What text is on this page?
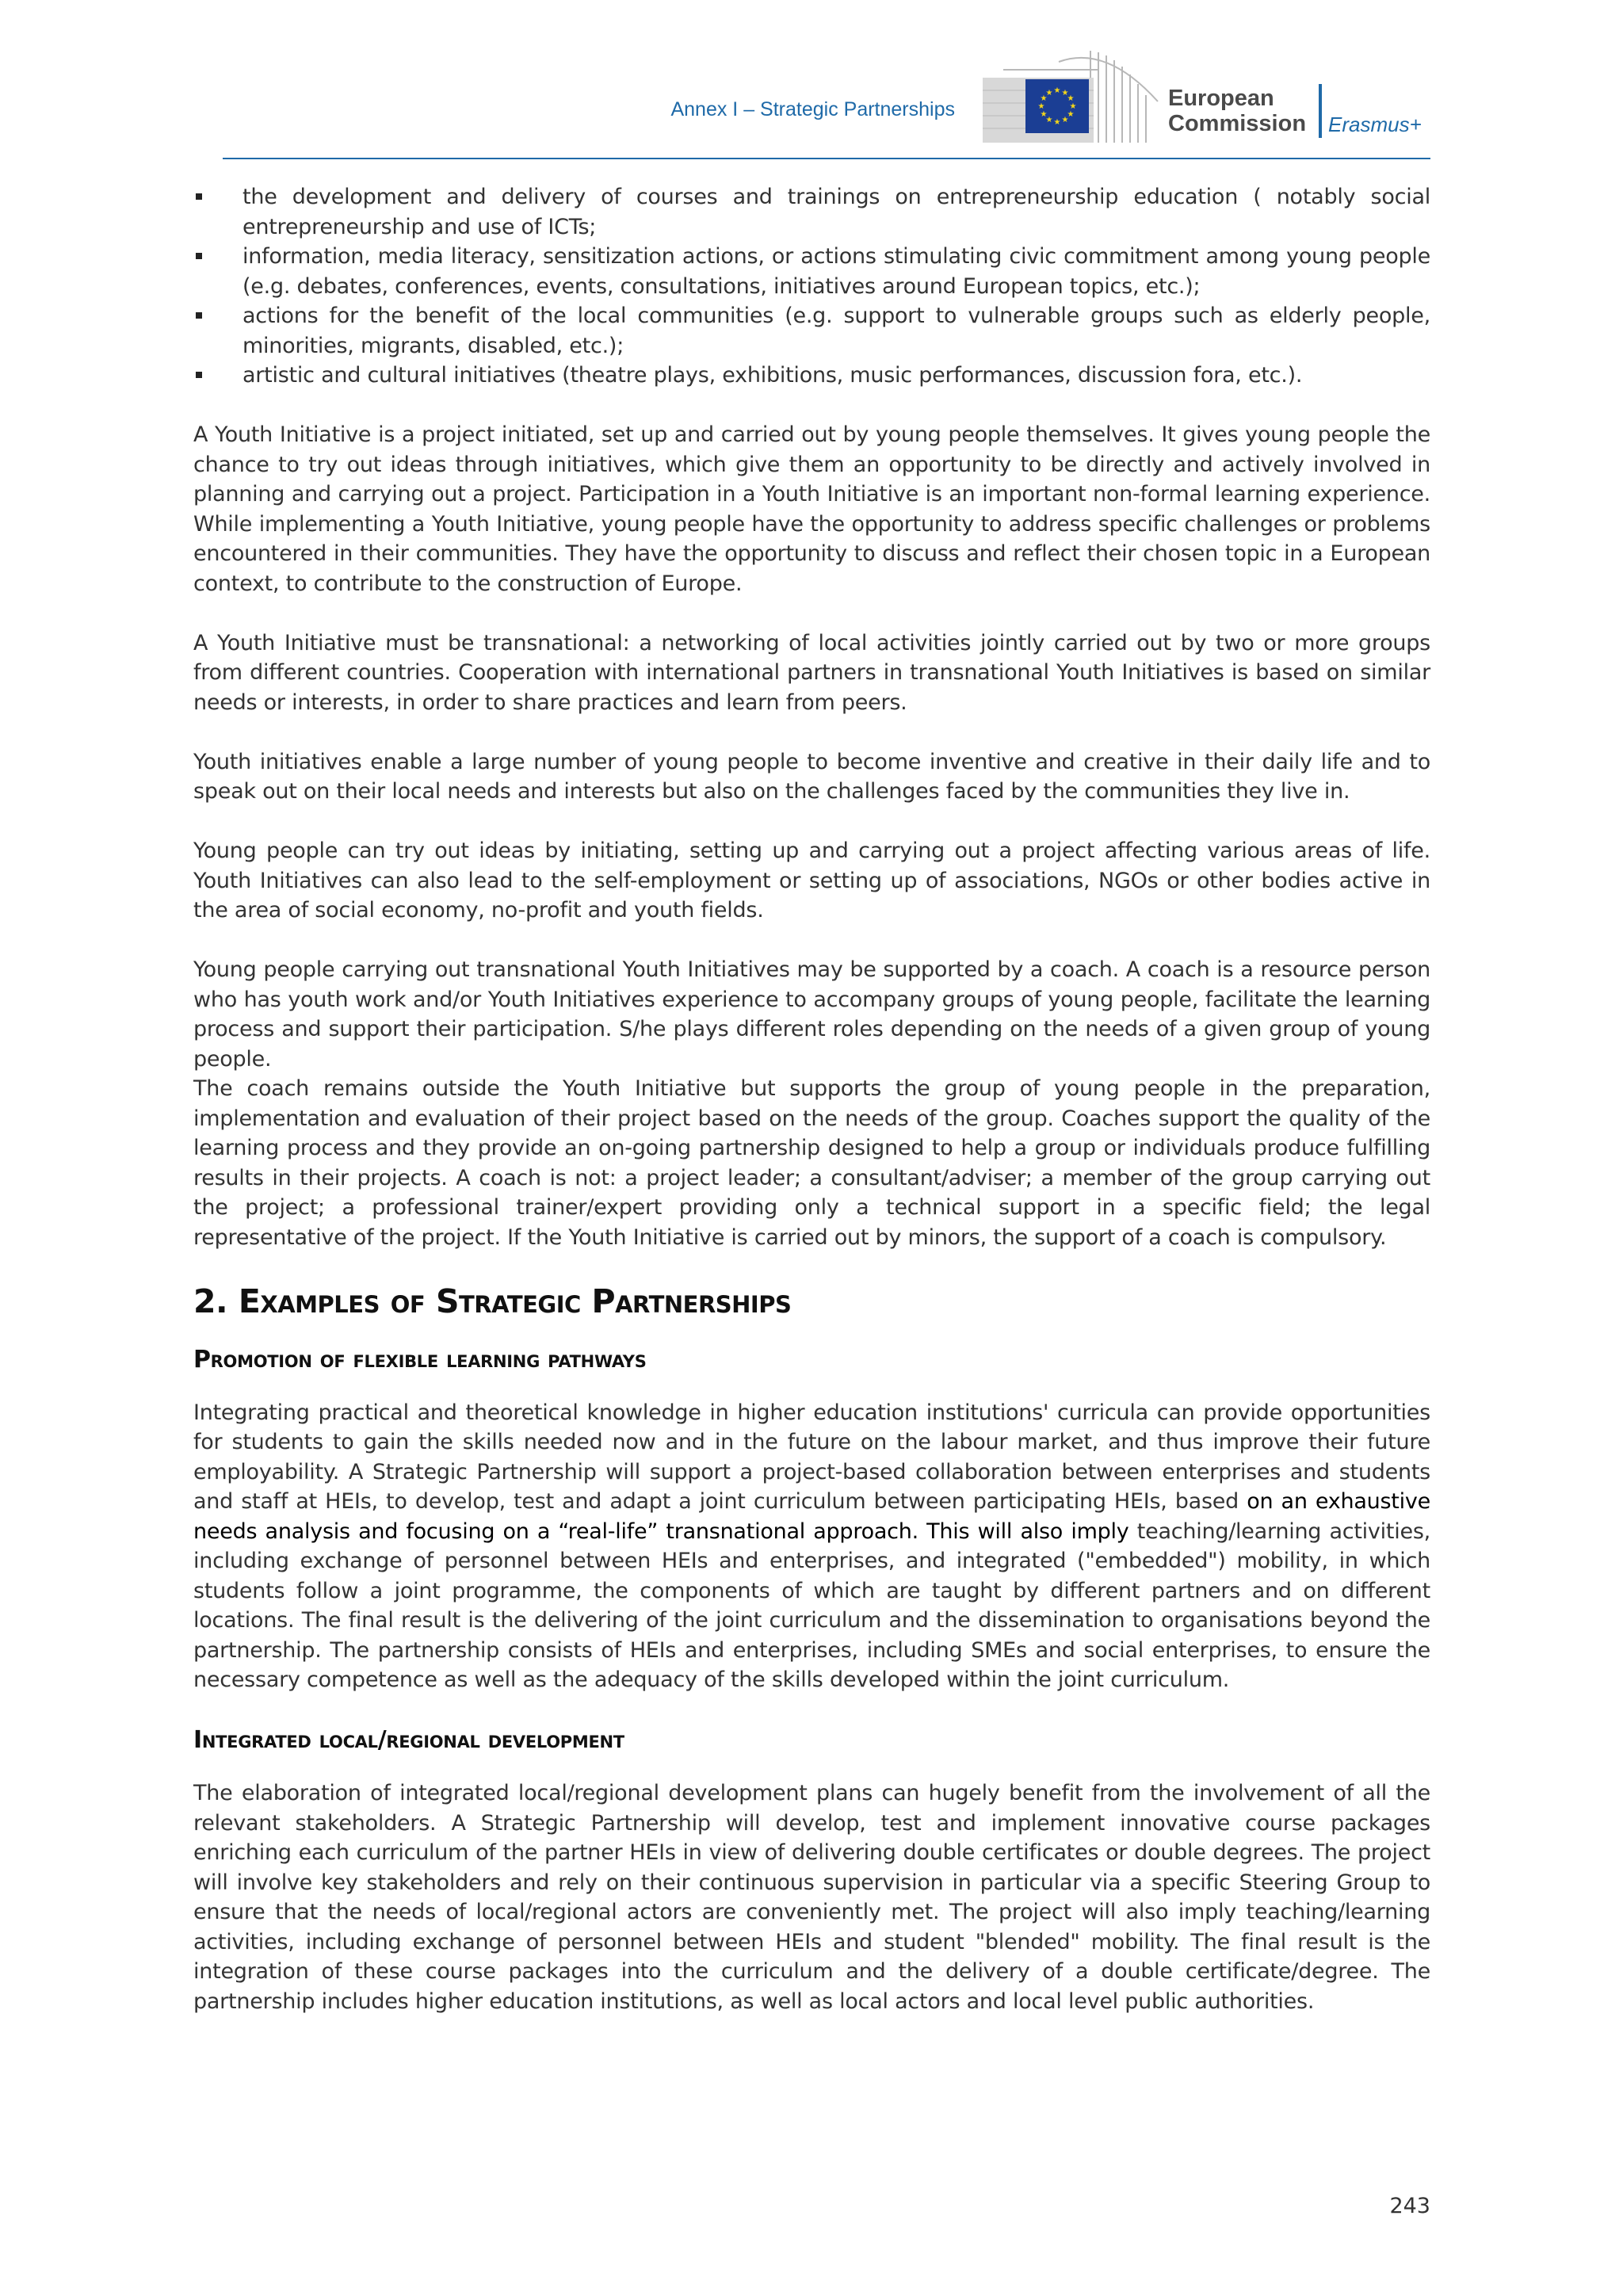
Annex I – Strategic Partnerships
★ ★
★
★
★
★
★
★
★
★
★
★	European
Commission Erasmus+
the development and delivery of courses and trainings on entrepreneurship education ( notably social entrepreneurship and use of ICTs;
information, media literacy, sensitization actions, or actions stimulating civic commitment among young people (e.g. debates, conferences, events, consultations, initiatives around European topics, etc.);
actions for the benefit of the local communities (e.g. support to vulnerable groups such as elderly people, minorities, migrants, disabled, etc.);
artistic and cultural initiatives (theatre plays, exhibitions, music performances, discussion fora, etc.).

A Youth Initiative is a project initiated, set up and carried out by young people themselves. It gives young people the chance to try out ideas through initiatives, which give them an opportunity to be directly and actively involved in planning and carrying out a project. Participation in a Youth Initiative is an important non-formal learning experience. While implementing a Youth Initiative, young people have the opportunity to address specific challenges or problems encountered in their communities. They have the opportunity to discuss and reflect their chosen topic in a European context, to contribute to the construction of Europe.

A Youth Initiative must be transnational: a networking of local activities jointly carried out by two or more groups from different countries. Cooperation with international partners in transnational Youth Initiatives is based on similar needs or interests, in order to share practices and learn from peers.

Youth initiatives enable a large number of young people to become inventive and creative in their daily life and to speak out on their local needs and interests but also on the challenges faced by the communities they live in.

Young people can try out ideas by initiating, setting up and carrying out a project affecting various areas of life. Youth Initiatives can also lead to the self-employment or setting up of associations, NGOs or other bodies active in the area of social economy, no-profit and youth fields.

Young people carrying out transnational Youth Initiatives may be supported by a coach. A coach is a resource person who has youth work and/or Youth Initiatives experience to accompany groups of young people, facilitate the learning process and support their participation. S/he plays different roles depending on the needs of a given group of young people.

The coach remains outside the Youth Initiative but supports the group of young people in the preparation, implementation and evaluation of their project based on the needs of the group. Coaches support the quality of the learning process and they provide an on-going partnership designed to help a group or individuals produce fulfilling results in their projects. A coach is not: a project leader; a consultant/adviser; a member of the group carrying out the project; a professional trainer/expert providing only a technical support in a specific field; the legal representative of the project. If the Youth Initiative is carried out by minors, the support of a coach is compulsory.

2. Examples of Strategic Partnerships
Promotion of flexible learning pathways

Integrating practical and theoretical knowledge in higher education institutions' curricula can provide opportunities for students to gain the skills needed now and in the future on the labour market, and thus improve their future employability. A Strategic Partnership will support a project-based collaboration between enterprises and students and staff at HEIs, to develop, test and adapt a joint curriculum between participating HEIs, based on an exhaustive needs analysis and focusing on a “real-life” transnational approach. This will also imply teaching/learning activities, including exchange of personnel between HEIs and enterprises, and integrated ("embedded") mobility, in which students follow a joint programme, the components of which are taught by different partners and on different locations. The final result is the delivering of the joint curriculum and the dissemination to organisations beyond the partnership. The partnership consists of HEIs and enterprises, including SMEs and social enterprises, to ensure the necessary competence as well as the adequacy of the skills developed within the joint curriculum.

Integrated local/regional development

The elaboration of integrated local/regional development plans can hugely benefit from the involvement of all the relevant stakeholders. A Strategic Partnership will develop, test and implement innovative course packages enriching each curriculum of the partner HEIs in view of delivering double certificates or double degrees. The project will involve key stakeholders and rely on their continuous supervision in particular via a specific Steering Group to ensure that the needs of local/regional actors are conveniently met. The project will also imply teaching/learning activities, including exchange of personnel between HEIs and student "blended" mobility. The final result is the integration of these course packages into the curriculum and the delivery of a double certificate/degree. The partnership includes higher education institutions, as well as local actors and local level public authorities.

243
